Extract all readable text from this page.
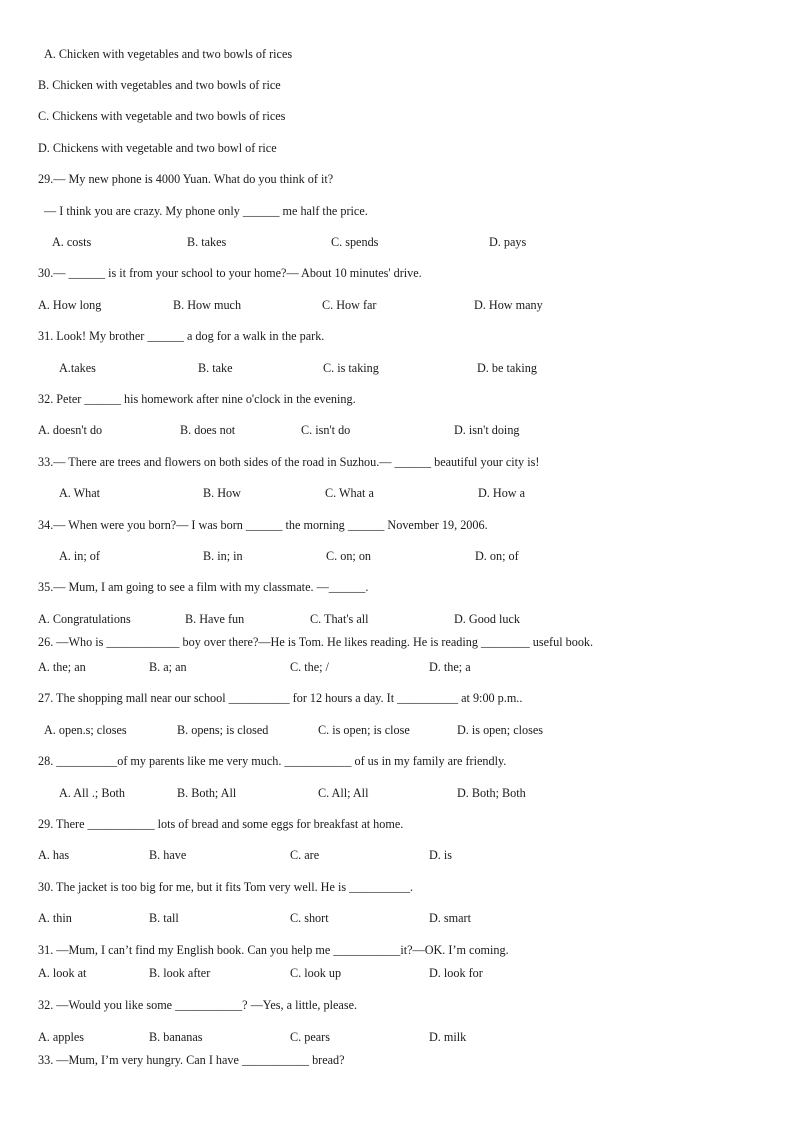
A. Chicken with vegetables and two bowls of rices
B. Chicken with vegetables and two bowls of rice
C. Chickens with vegetable and two bowls of rices
D. Chickens with vegetable and two bowl of rice
29.— My new phone is 4000 Yuan. What do you think of it?
— I think you are crazy. My phone only ______ me half the price.
A. costs	B. takes	C. spends	D. pays
30.— ______ is it from your school to your home?— About 10 minutes' drive.
A. How long	B. How much	C. How far	D. How many
31. Look! My brother ______ a dog for a walk in the park.
A.takes	B. take	C. is taking	D. be taking
32. Peter ______ his homework after nine o'clock in the evening.
A. doesn't do	B. does not	C. isn't do	D. isn't doing
33.— There are trees and flowers on both sides of the road in Suzhou.— ______ beautiful your city is!
A. What	B. How	C. What a	D. How a
34.— When were you born?— I was born ______ the morning ______ November 19, 2006.
A. in; of	B. in; in	C. on; on	D. on; of
35.— Mum, I am going to see a film with my classmate. —______.
A. Congratulations	B. Have fun	C. That's all	D. Good luck
26. —Who is ____________ boy over there?—He is Tom. He likes reading. He is reading ________ useful book.
A. the; an	B. a; an	C. the; /	D. the; a
27. The shopping mall near our school __________ for 12 hours a day. It __________ at 9:00 p.m..
A. open.s; closes	B. opens; is closed	C. is open; is close	D. is open; closes
28. __________of my parents like me very much. ___________ of us in my family are friendly.
A. All .; Both	B. Both; All	C. All; All	D. Both; Both
29. There ___________ lots of bread and some eggs for breakfast at home.
A. has	B. have	C. are	D. is
30. The jacket is too big for me, but it fits Tom very well. He is __________.
A. thin	B. tall	C. short	D. smart
31. —Mum, I can’t find my English book. Can you help me ___________it?—OK. I’m coming.
A. look at	B. look after	C. look up	D. look for
32. —Would you like some ___________? —Yes, a little, please.
A. apples	B. bananas	C. pears	D. milk
33. —Mum, I’m very hungry. Can I have ___________ bread?
